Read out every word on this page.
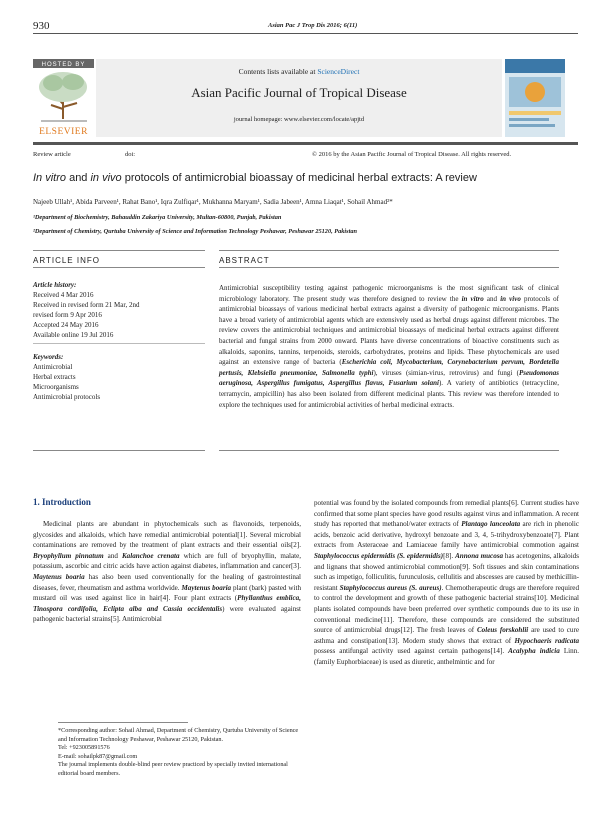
930	Asian Pac J Trop Dis 2016; 6(11)
HOSTED BY
ELSEVIER
Contents lists available at ScienceDirect
Asian Pacific Journal of Tropical Disease
journal homepage: www.elsevier.com/locate/apjtd
Review article	doi:	© 2016 by the Asian Pacific Journal of Tropical Disease. All rights reserved.
In vitro and in vivo protocols of antimicrobial bioassay of medicinal herbal extracts: A review
Najeeb Ullah¹, Abida Parveen¹, Rahat Bano¹, Iqra Zulfiqar¹, Mukhanna Maryam¹, Sadia Jabeen¹, Amna Liaqat¹, Sohail Ahmad²*
¹Department of Biochemistry, Bahauddin Zakariya University, Multan-60800, Punjab, Pakistan
²Department of Chemistry, Qurtuba University of Science and Information Technology Peshawar, Peshawar 25120, Pakistan
ARTICLE INFO	ABSTRACT
Article history:
Received 4 Mar 2016
Received in revised form 21 Mar, 2nd
revised form 9 Apr 2016
Accepted 24 May 2016
Available online 19 Jul 2016
Keywords:
Antimicrobial
Herbal extracts
Microorganisms
Antimicrobial protocols
Antimicrobial susceptibility testing against pathogenic microorganisms is the most significant task of clinical microbiology laboratory. The present study was therefore designed to review the in vitro and in vivo protocols of antimicrobial bioassays of various medicinal herbal extracts against a diversity of pathogenic microorganisms. Plants have a broad variety of antimicrobial agents which are extensively used as herbal drugs against different microbes. The review covers the antimicrobial techniques and antimicrobial bioassays of medicinal herbal extracts against different bacterial and fungal strains from 2000 onward. Plants have diverse concentrations of bioactive constituents such as alkaloids, saponins, tannins, terpenoids, steroids, carbohydrates, proteins and lipids. These phytochemicals are used against an extensive range of bacteria (Escherichia coli, Mycobacterium, Corynebacterium pervum, Bordetella pertusis, Klebsiella pneumoniae, Salmonella typhi), viruses (simian-virus, retrovirus) and fungi (Pseudomonas aeruginosa, Aspergillus fumigatus, Aspergillus flavus, Fusarium solani). A variety of antibiotics (tetracycline, terramycin, ampicillin) has also been isolated from different medicinal plants. This review was therefore intended to explore the techniques used for antimicrobial activities of herbal medicinal extracts.
1. Introduction
Medicinal plants are abundant in phytochemicals such as flavonoids, terpenoids, glycosides and alkaloids, which have remedial antimicrobial potential[1]. Several microbial contaminations are removed by the treatment of plant extracts and their essential oils[2]. Bryophyllum pinnatum and Kalanchoe crenata which are full of bryophyllin, malate, potassium, ascorbic and citric acids have action against diabetes, inflammation and cancer[3]. Maytenus boaria has also been used conventionally for the healing of gastrointestinal diseases, fever, rheumatism and asthma worldwide. Maytenus boaria plant (bark) pasted with mustard oil was used against lice in hair[4]. Four plant extracts (Phyllanthus emblica, Tinospora cordifolia, Eclipta alba and Cassia occidentalis) were evaluated against pathogenic bacterial strains[5]. Antimicrobial
potential was found by the isolated compounds from remedial plants[6]. Current studies have confirmed that some plant species have good results against virus and inflammation. A recent study has reported that methanol/water extracts of Plantago lanceolata are rich in phenolic acids, benzoic acid derivative, hydroxyl benzoate and 3, 4, 5-trihydroxybenzoate[7]. Plant extracts from Asteraceae and Lamiaceae family have antimicrobial commotion against Staphylococcus epidermidis (S. epidermidis)[8]. Annona mucosa has acetogenins, alkaloids and lignans that showed antimicrobial commotion[9]. Soft tissues and skin contaminations such as impetigo, folliculitis, furunculosis, cellulitis and abscesses are caused by methicillin-resistant Staphylococcus aureus (S. aureus). Chemotherapeutic drugs are therefore required to control the development and growth of these pathogenic bacterial strains[10]. Medicinal plants isolated compounds have been preferred over synthetic compounds due to its use in conventional medicine[11]. Therefore, these compounds are considered the substituted source of antimicrobial drugs[12]. The fresh leaves of Coleus forskohlii are used to cure asthma and constipation[13]. Modern study shows that extract of Hypochaeris radicata possess antifungal activity used against certain pathogens[14]. Acalypha indicia Linn. (family Euphorbiaceae) is used as diuretic, anthelmintic and for
*Corresponding author: Sohail Ahmad, Department of Chemistry, Qurtuba University of Science and Information Technology Peshawar, Peshawar 25120, Pakistan.
Tel: +923005891576
E-mail: sohailpk87@gmail.com
The journal implements double-blind peer review practiced by specially invited international editorial board members.
